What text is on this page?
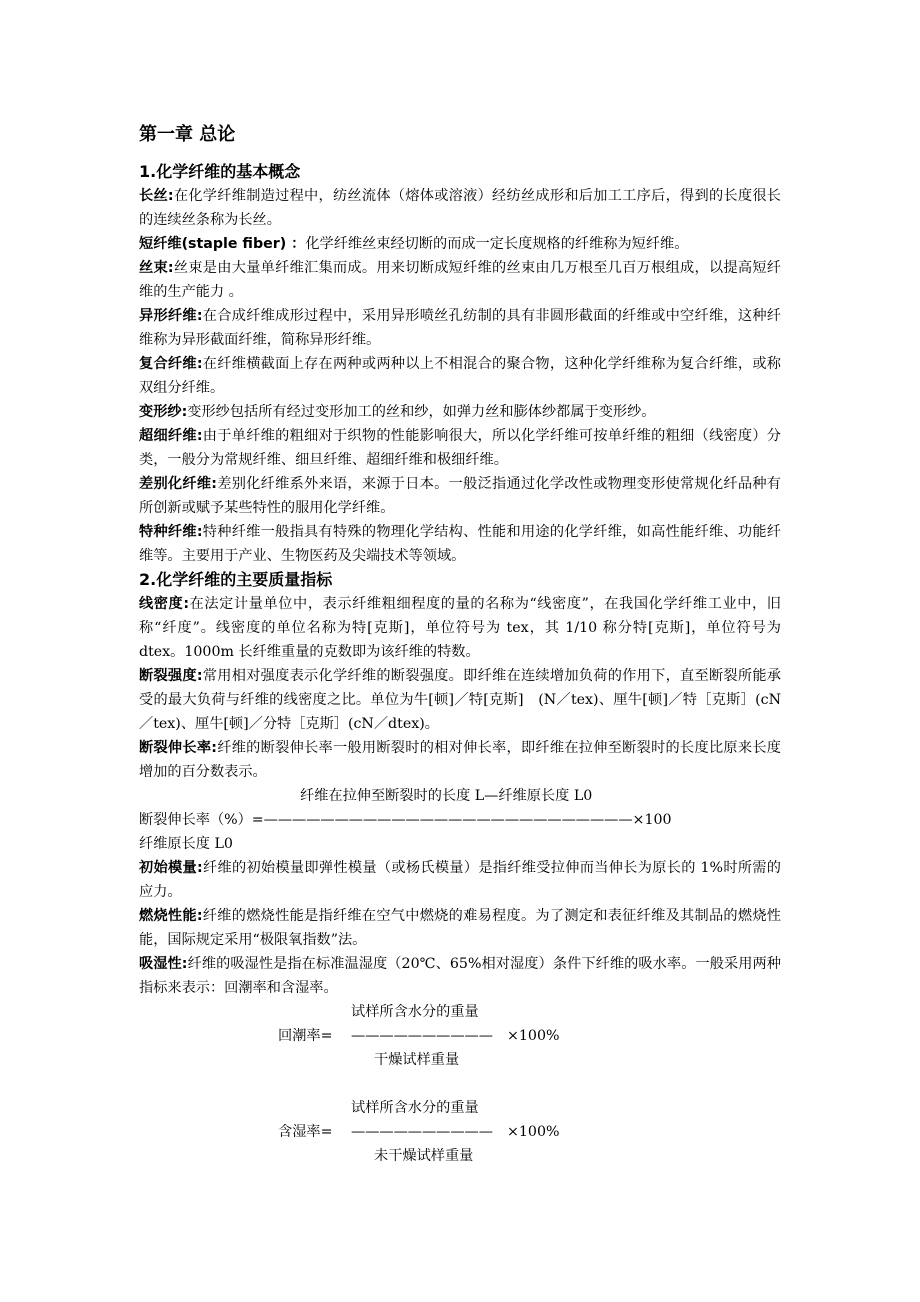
第一章 总论
1.化学纤维的基本概念
长丝:在化学纤维制造过程中，纺丝流体（熔体或溶液）经纺丝成形和后加工工序后，得到的长度很长的连续丝条称为长丝。
短纤维(staple fiber) ：化学纤维丝束经切断的而成一定长度规格的纤维称为短纤维。
丝束:丝束是由大量单纤维汇集而成。用来切断成短纤维的丝束由几万根至几百万根组成，以提高短纤维的生产能力 。
异形纤维:在合成纤维成形过程中，采用异形喷丝孔纺制的具有非圆形截面的纤维或中空纤维，这种纤维称为异形截面纤维，简称异形纤维。
复合纤维:在纤维横截面上存在两种或两种以上不相混合的聚合物，这种化学纤维称为复合纤维，或称双组分纤维。
变形纱:变形纱包括所有经过变形加工的丝和纱，如弹力丝和膨体纱都属于变形纱。
超细纤维:由于单纤维的粗细对于织物的性能影响很大，所以化学纤维可按单纤维的粗细（线密度）分类，一般分为常规纤维、细旦纤维、超细纤维和极细纤维。
差别化纤维:差别化纤维系外来语，来源于日本。一般泛指通过化学改性或物理变形使常规化纤品种有所创新或赋予某些特性的服用化学纤维。
特种纤维:特种纤维一般指具有特殊的物理化学结构、性能和用途的化学纤维，如高性能纤维、功能纤维等。主要用于产业、生物医药及尖端技术等领域。
2.化学纤维的主要质量指标
线密度:在法定计量单位中，表示纤维粗细程度的量的名称为“线密度”，在我国化学纤维工业中，旧称“纤度”。线密度的单位名称为特[克斯]，单位符号为 tex，其 1/10 称分特[克斯]，单位符号为 dtex。1000m 长纤维重量的克数即为该纤维的特数。
断裂强度:常用相对强度表示化学纤维的断裂强度。即纤维在连续增加负荷的作用下，直至断裂所能承受的最大负荷与纤维的线密度之比。单位为牛[顿]／特[克斯]　(N／tex)、厘牛[顿]／特［克斯］(cN／tex)、厘牛[顿]／分特［克斯］(cN／dtex)。
断裂伸长率:纤维的断裂伸长率一般用断裂时的相对伸长率，即纤维在拉伸至断裂时的长度比原来长度增加的百分数表示。
纤维在拉伸至断裂时的长度 L—纤维原长度 L0
断裂伸长率（%）=——————————————————————————×100
纤维原长度 L0
初始模量:纤维的初始模量即弹性模量（或杨氏模量）是指纤维受拉伸而当伸长为原长的 1%时所需的应力。
燃烧性能:纤维的燃烧性能是指纤维在空气中燃烧的难易程度。为了测定和表征纤维及其制品的燃烧性能，国际规定采用“极限氧指数”法。
吸湿性:纤维的吸湿性是指在标准温湿度（20℃、65%相对湿度）条件下纤维的吸水率。一般采用两种指标来表示：回潮率和含湿率。
试样所含水分的重量
回潮率= —————————— ×100%
干燥试样重量
试样所含水分的重量
含湿率= —————————— ×100%
未干燥试样重量
